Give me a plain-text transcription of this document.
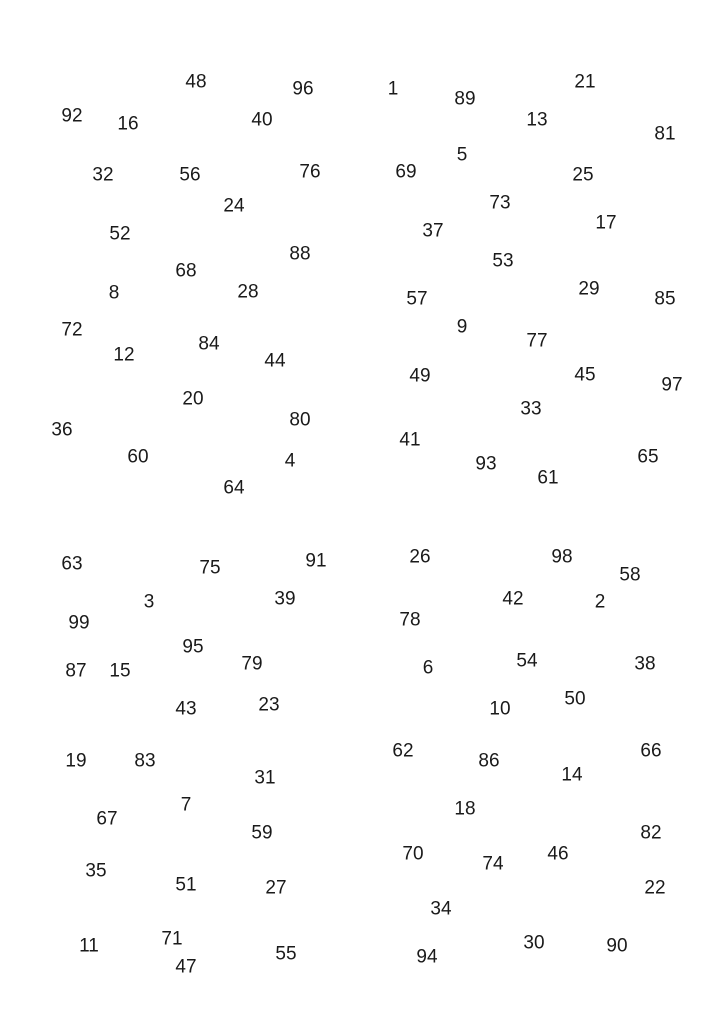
48	96	1	89
21
92 16	40	13
81
5
32	56	76	69	25
73
24
17
52	37
88	53
68
8	28	29	85
57
72	9
84	77
12	44
45
49	97
20	33
80
36	41
60	4	93	65
61
64
63	75	91	26	98
58
3	39	42	2
99	78
95
54	38
87 15	79	6
50
43	23	10
19	83	62	86	66
31	14
7	18
67
59	82
35
70	74 46
51	27	22
34
11	71	30	90
55	94
47
